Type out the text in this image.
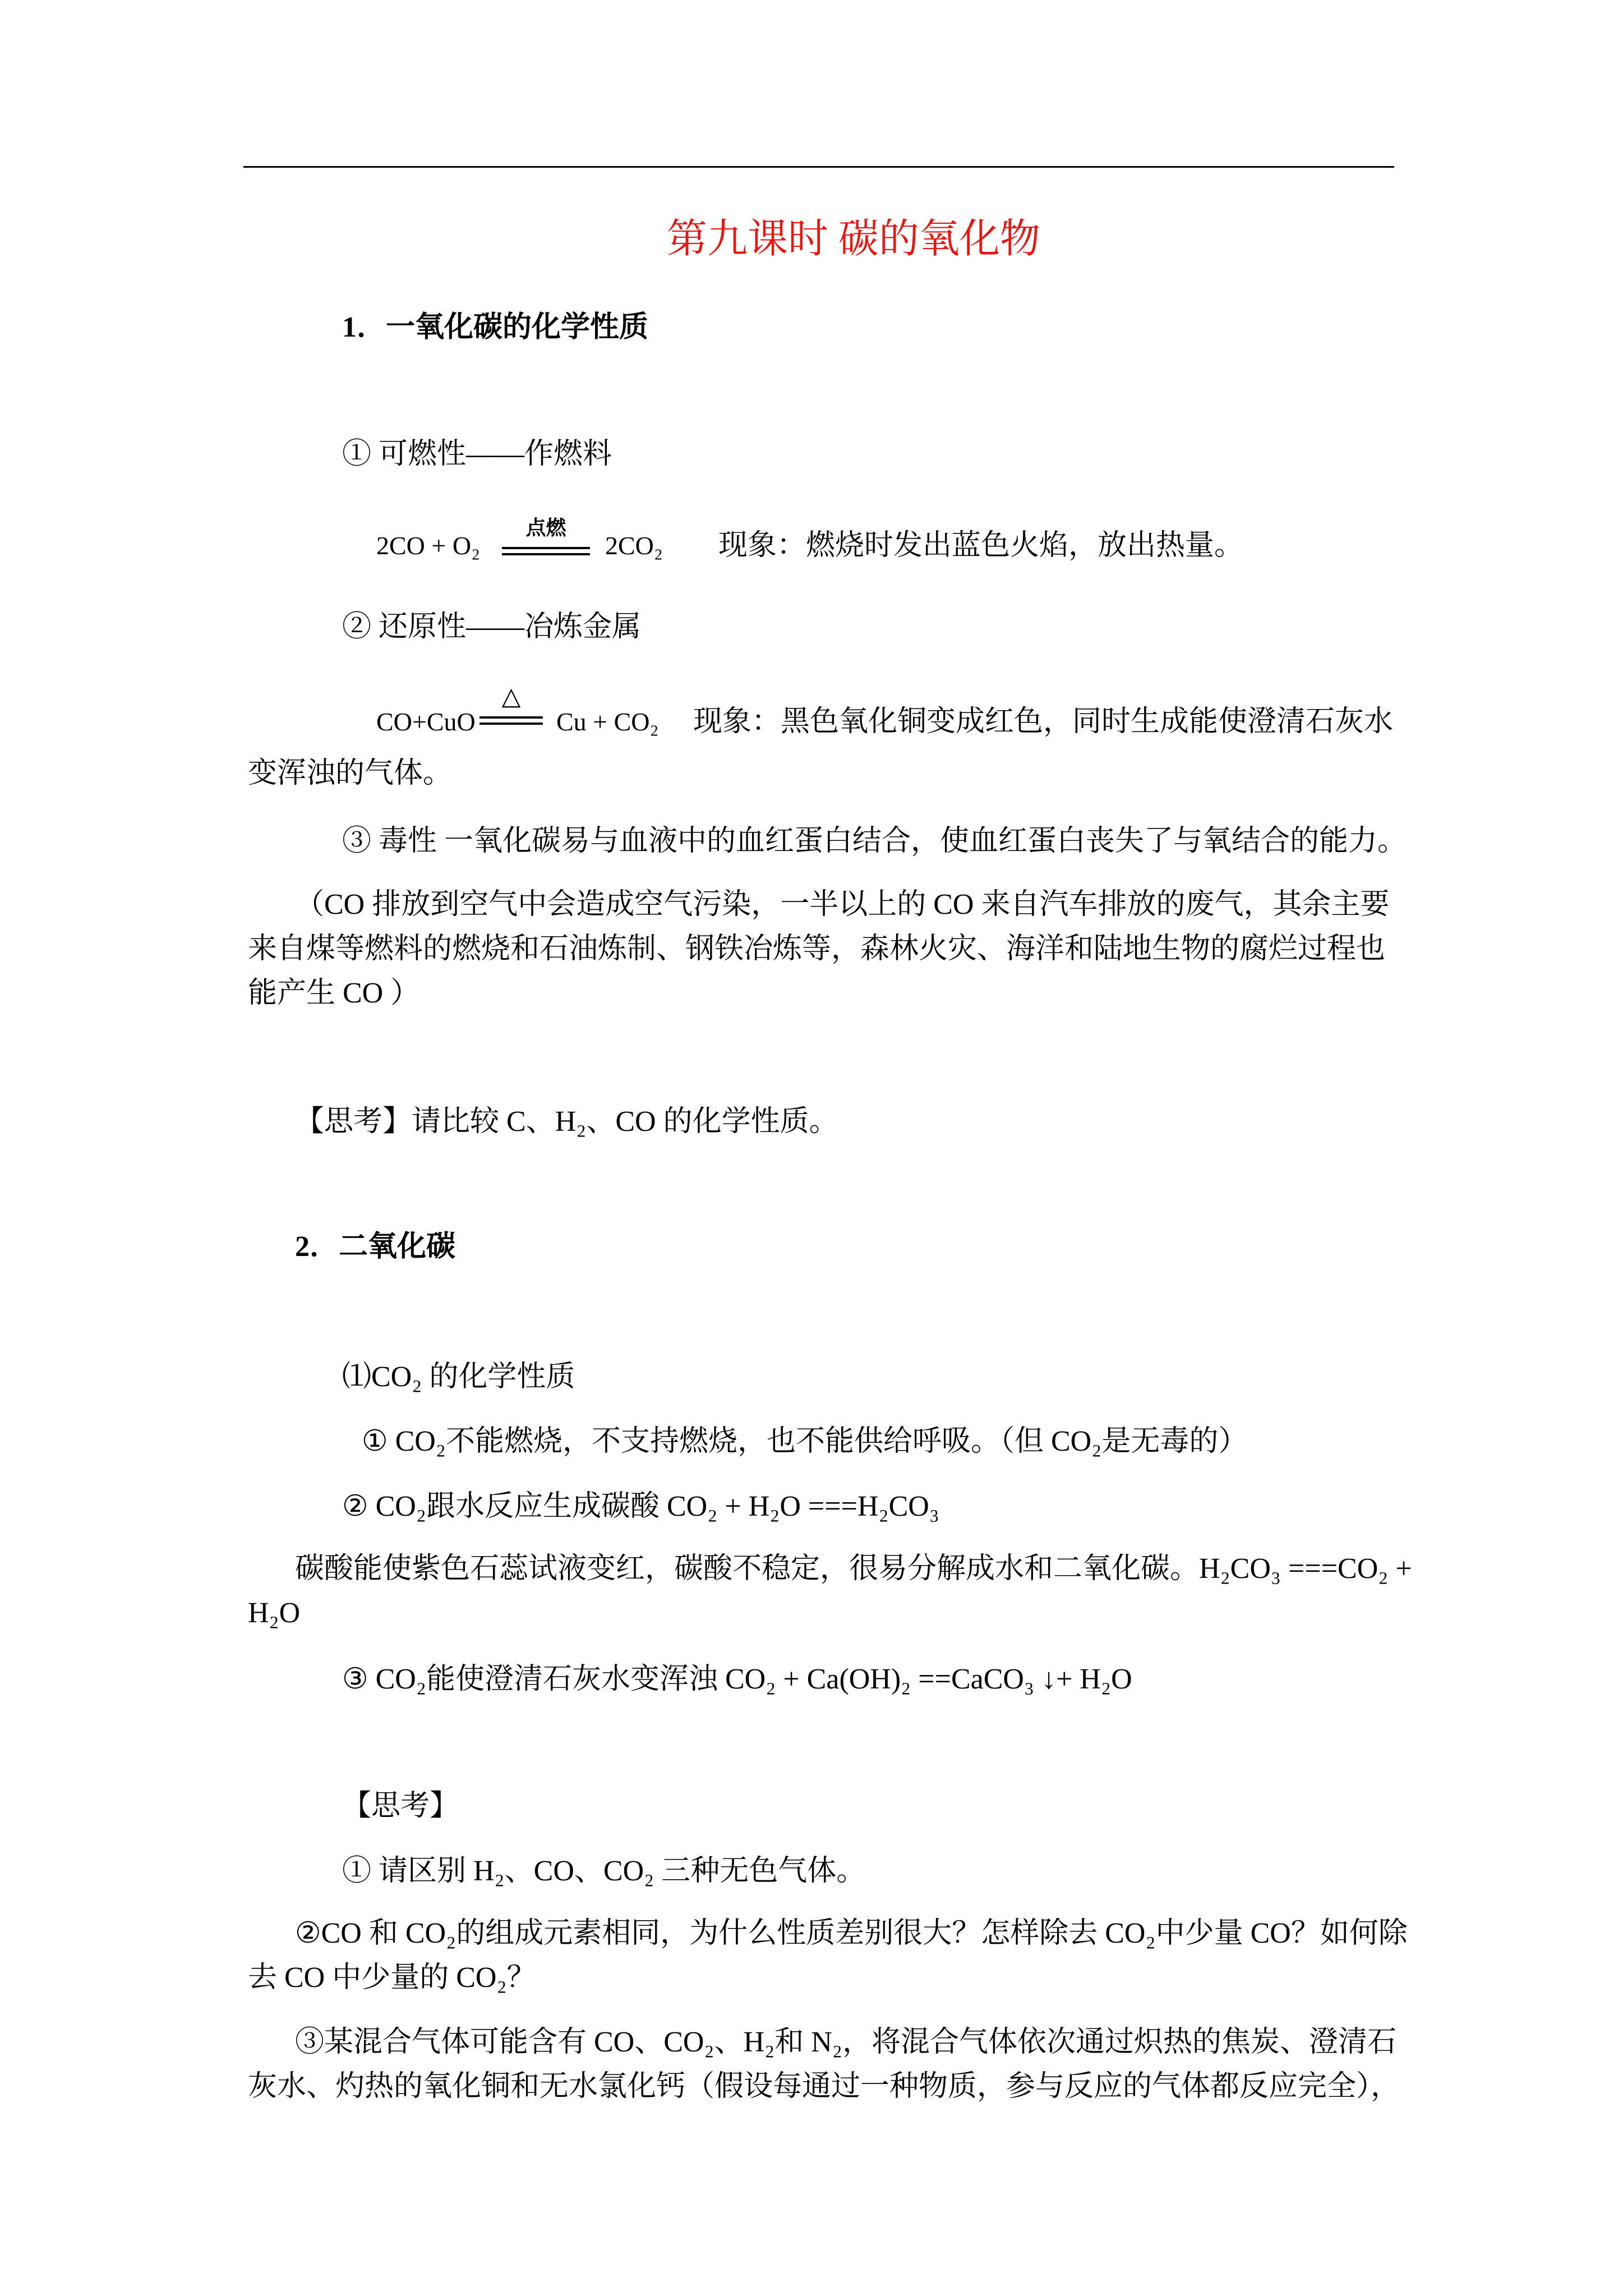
第九课时 碳的氧化物
1．一氧化碳的化学性质
① 可燃性——作燃料
2CO + O₂
点燃
2CO₂ 现象：燃烧时发出蓝色火焰，放出热量。
② 还原性——冶炼金属
CO+CuO
△
Cu + CO₂ 现象：黑色氧化铜变成红色，同时生成能使澄清石灰水
变浑浊的气体。
③ 毒性 一氧化碳易与血液中的血红蛋白结合，使血红蛋白丧失了与氧结合的能力。
（CO 排放到空气中会造成空气污染，一半以上的 CO 来自汽车排放的废气，其余主要
来自煤等燃料的燃烧和石油炼制、钢铁冶炼等，森林火灾、海洋和陆地生物的腐烂过程也
能产生 CO ）
【思考】请比较 C、H₂、CO 的化学性质。
2．二氧化碳
⑴CO₂ 的化学性质
① CO₂不能燃烧，不支持燃烧，也不能供给呼吸。（但 CO₂是无毒的）
② CO₂跟水反应生成碳酸 CO₂ + H₂O ===H₂CO₃
碳酸能使紫色石蕊试液变红，碳酸不稳定，很易分解成水和二氧化碳。H₂CO₃ ===CO₂ +
H₂O
③ CO₂能使澄清石灰水变浑浊 CO₂ + Ca(OH)₂ ==CaCO₃ ↓+ H₂O
【思考】
① 请区别 H₂、CO、CO₂ 三种无色气体。
②CO 和 CO₂的组成元素相同，为什么性质差别很大？怎样除去 CO₂中少量 CO？如何除
去 CO 中少量的 CO₂？
③某混合气体可能含有 CO、CO₂、H₂和 N₂，将混合气体依次通过炽热的焦炭、澄清石
灰水、灼热的氧化铜和无水氯化钙（假设每通过一种物质，参与反应的气体都反应完全），
